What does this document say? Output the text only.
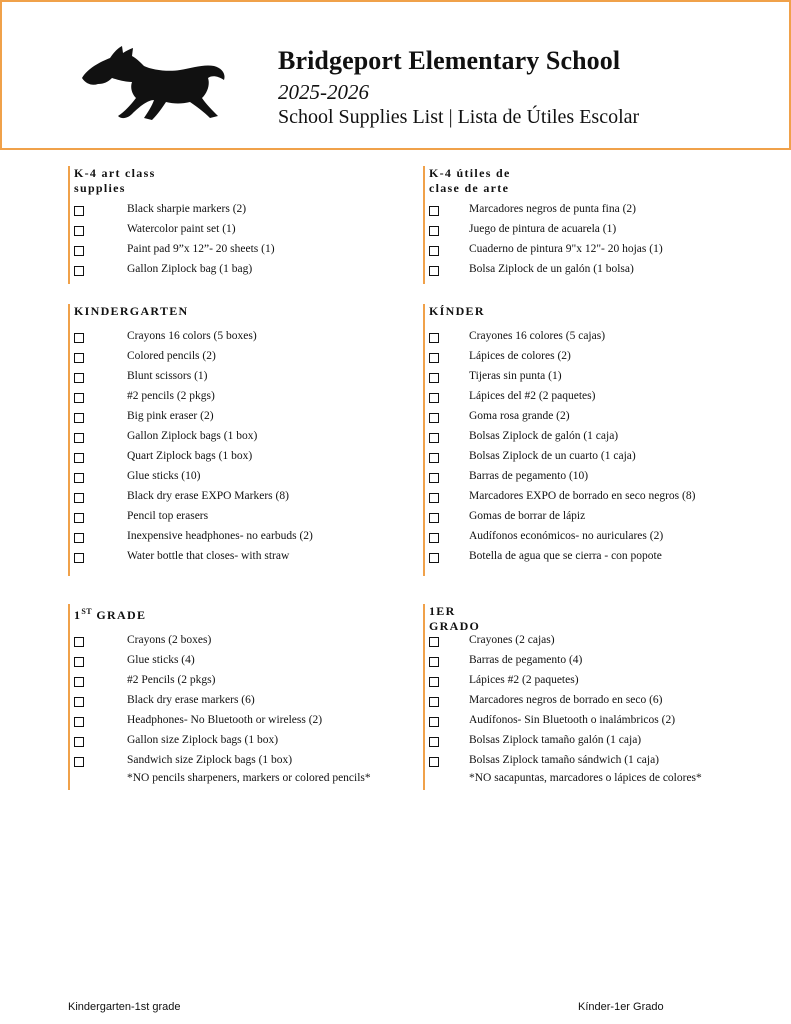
Bridgeport Elementary School
2025-2026
School Supplies List | Lista de Útiles Escolar
K-4 art class
supplies
Black sharpie markers (2)
Watercolor paint set (1)
Paint pad 9”x 12”- 20 sheets (1)
Gallon Ziplock bag (1 bag)
K-4 útiles de
clase de arte
Marcadores negros de punta fina (2)
Juego de pintura de acuarela (1)
Cuaderno de pintura 9"x 12"- 20 hojas (1)
Bolsa Ziplock de un galón (1 bolsa)
KINDERGARTEN
Crayons 16 colors (5 boxes)
Colored pencils (2)
Blunt scissors (1)
#2 pencils (2 pkgs)
Big pink eraser (2)
Gallon Ziplock bags (1 box)
Quart Ziplock bags (1 box)
Glue sticks (10)
Black dry erase EXPO Markers (8)
Pencil top erasers
Inexpensive headphones- no earbuds (2)
Water bottle that closes- with straw
KÍNDER
Crayones 16 colores (5 cajas)
Lápices de colores (2)
Tijeras sin punta (1)
Lápices del #2 (2 paquetes)
Goma rosa grande (2)
Bolsas Ziplock de galón (1 caja)
Bolsas Ziplock de un cuarto (1 caja)
Barras de pegamento (10)
Marcadores EXPO de borrado en seco negros (8)
Gomas de borrar de lápiz
Audífonos económicos- no auriculares (2)
Botella de agua que se cierra - con popote
1ST GRADE
Crayons (2 boxes)
Glue sticks (4)
#2 Pencils (2 pkgs)
Black dry erase markers (6)
Headphones- No Bluetooth or wireless (2)
Gallon size Ziplock bags (1 box)
Sandwich size Ziplock bags (1 box)
*NO pencils sharpeners, markers or colored pencils*
1ER
GRADO
Crayones (2 cajas)
Barras de pegamento (4)
Lápices #2 (2 paquetes)
Marcadores negros de borrado en seco (6)
Audífonos- Sin Bluetooth o inalámbricos (2)
Bolsas Ziplock tamaño galón (1 caja)
Bolsas Ziplock tamaño sándwich (1 caja)
*NO sacapuntas, marcadores o lápices de colores*
Kindergarten-1st grade	Kínder-1er Grado
